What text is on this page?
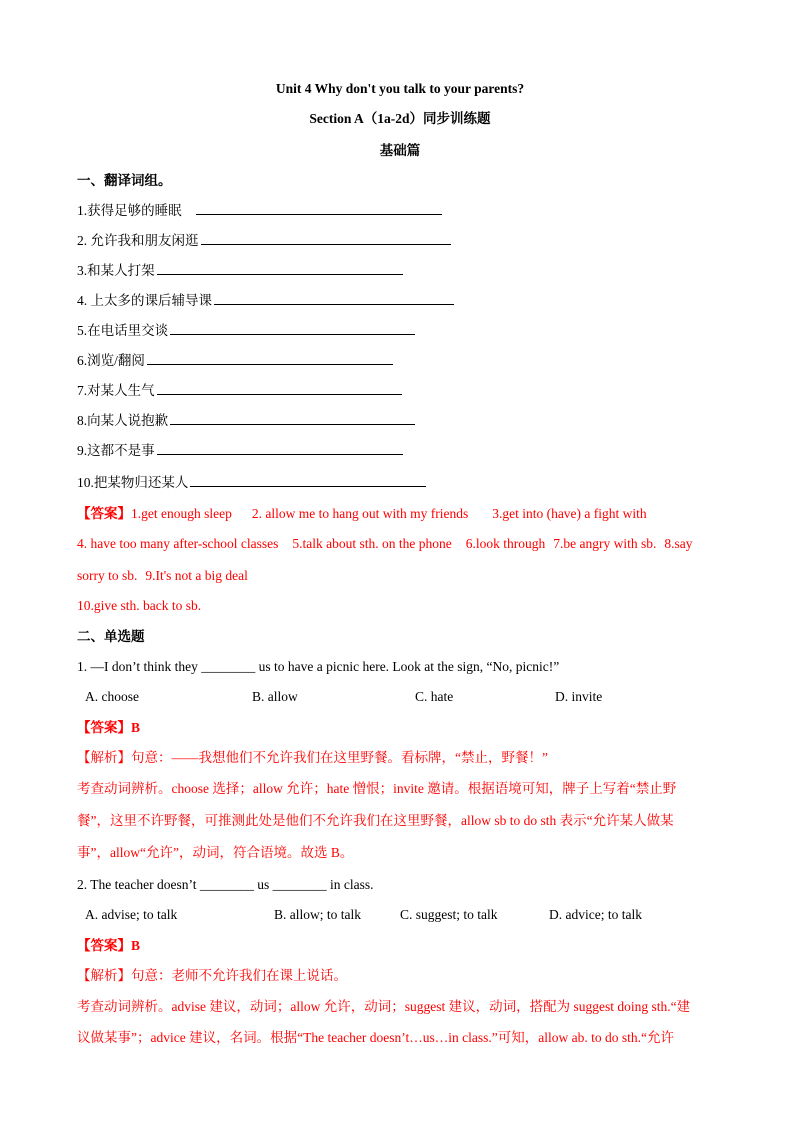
Unit 4 Why don't you talk to your parents?
Section A（1a-2d）同步训练题
基础篇
一、翻译词组。
1.获得足够的睡眠
2. 允许我和朋友闲逛
3.和某人打架
4. 上太多的课后辅导课
5.在电话里交谈
6.浏览/翻阅
7.对某人生气
8.向某人说抱歉
9.这都不是事
10.把某物归还某人
【答案】1.get enough sleep 2. allow me to hang out with my friends 3.get into (have) a fight with
4. have too many after-school classes 5.talk about sth. on the phone 6.look through 7.be angry with sb. 8.say
sorry to sb. 9.It's not a big deal
10.give sth. back to sb.
二、单选题
1. —I don’t think they ________ us to have a picnic here. Look at the sign, “No, picnic!”
A. choose	B. allow	C. hate	D. invite
【答案】B
【解析】句意：——我想他们不允许我们在这里野餐。看标牌，“禁止，野餐！”
考查动词辨析。choose 选择；allow 允许；hate 憎恨；invite 邀请。根据语境可知，牌子上写着“禁止野
餐”，这里不许野餐，可推测此处是他们不允许我们在这里野餐，allow sb to do sth 表示“允许某人做某
事”，allow“允许”，动词，符合语境。故选 B。
2. The teacher doesn’t ________ us ________ in class.
A. advise; to talk	B. allow; to talk	C. suggest; to talk	D. advice; to talk
【答案】B
【解析】句意：老师不允许我们在课上说话。
考查动词辨析。advise 建议，动词；allow 允许，动词；suggest 建议，动词，搭配为 suggest doing sth.“建
议做某事”；advice 建议，名词。根据“The teacher doesn’t…us…in class.”可知，allow ab. to do sth.“允许
